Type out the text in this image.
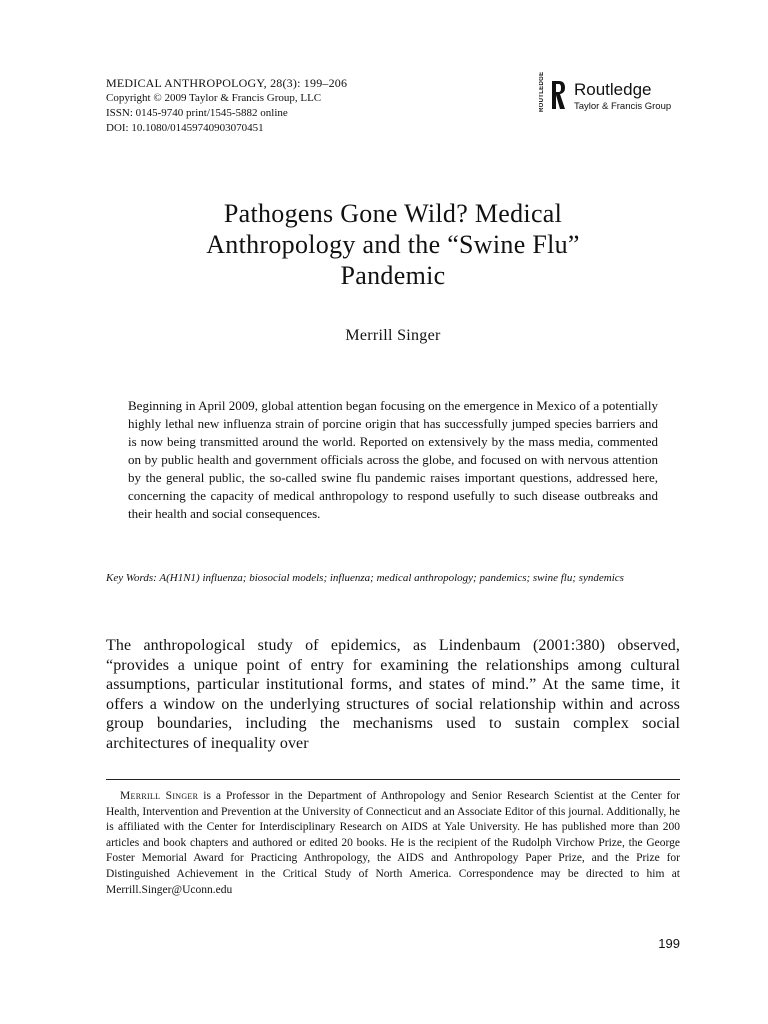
MEDICAL ANTHROPOLOGY, 28(3): 199–206
Copyright © 2009 Taylor & Francis Group, LLC
ISSN: 0145-9740 print/1545-5882 online
DOI: 10.1080/01459740903070451
ROUTLEDGE Routledge
Taylor & Francis Group
Pathogens Gone Wild? Medical
Anthropology and the “Swine Flu”
Pandemic
Merrill Singer
Beginning in April 2009, global attention began focusing on the emergence in Mexico of a potentially highly lethal new influenza strain of porcine origin that has successfully jumped species barriers and is now being transmitted around the world. Reported on extensively by the mass media, commented on by public health and government officials across the globe, and focused on with nervous attention by the general public, the so-called swine flu pandemic raises important questions, addressed here, concerning the capacity of medical anthropology to respond usefully to such disease outbreaks and their health and social consequences.
Key Words: A(H1N1) influenza; biosocial models; influenza; medical anthropology; pandemics; swine flu; syndemics
The anthropological study of epidemics, as Lindenbaum (2001:380) observed, “provides a unique point of entry for examining the relationships among cultural assumptions, particular institutional forms, and states of mind.” At the same time, it offers a window on the underlying structures of social relationship within and across group boundaries, including the mechanisms used to sustain complex social architectures of inequality over
Merrill Singer is a Professor in the Department of Anthropology and Senior Research Scientist at the Center for Health, Intervention and Prevention at the University of Connecticut and an Associate Editor of this journal. Additionally, he is affiliated with the Center for Interdisciplinary Research on AIDS at Yale University. He has published more than 200 articles and book chapters and authored or edited 20 books. He is the recipient of the Rudolph Virchow Prize, the George Foster Memorial Award for Practicing Anthropology, the AIDS and Anthropology Paper Prize, and the Prize for Distinguished Achievement in the Critical Study of North America. Correspondence may be directed to him at Merrill.Singer@Uconn.edu
199
